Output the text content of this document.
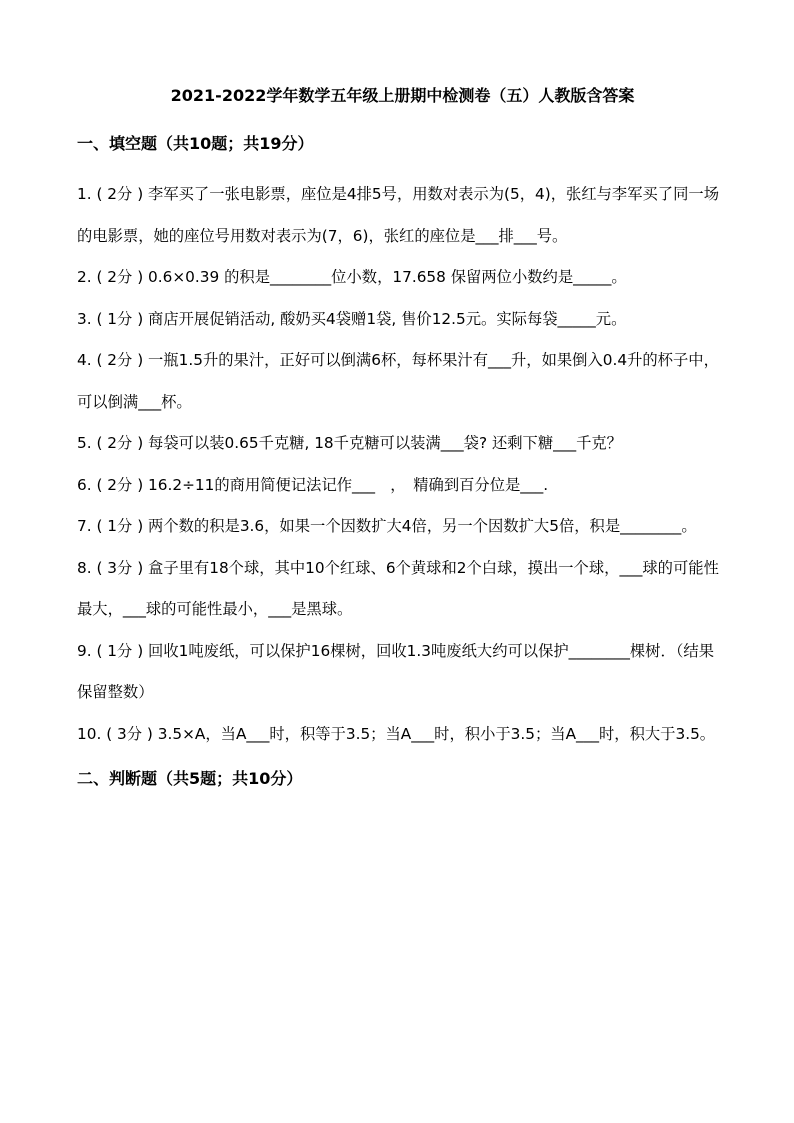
2021-2022学年数学五年级上册期中检测卷（五）人教版含答案
一、填空题（共10题；共19分）

1. ( 2分 ) 李军买了一张电影票，座位是4排5号，用数对表示为(5，4)，张红与李军买了同一场的电影票，她的座位号用数对表示为(7，6)，张红的座位是___排___号。

2. ( 2分 ) 0.6×0.39 的积是________位小数，17.658 保留两位小数约是_____。

3. ( 1分 ) 商店开展促销活动, 酸奶买4袋赠1袋, 售价12.5元。实际每袋_____元。

4. ( 2分 ) 一瓶1.5升的果汁，正好可以倒满6杯，每杯果汁有___升，如果倒入0.4升的杯子中，可以倒满___杯。

5. ( 2分 ) 每袋可以装0.65千克糖, 18千克糖可以装满___袋? 还剩下糖___千克？

6. ( 2分 ) 16.2÷11的商用简便记法记作___　，　精确到百分位是___.

7. ( 1分 ) 两个数的积是3.6，如果一个因数扩大4倍，另一个因数扩大5倍，积是________。

8. ( 3分 ) 盒子里有18个球，其中10个红球、6个黄球和2个白球，摸出一个球，___球的可能性最大，___球的可能性最小，___是黑球。

9. ( 1分 ) 回收1吨废纸，可以保护16棵树，回收1.3吨废纸大约可以保护________棵树．（结果保留整数）

10. ( 3分 ) 3.5×A，当A___时，积等于3.5；当A___时，积小于3.5；当A___时，积大于3.5。

二、判断题（共5题；共10分）
